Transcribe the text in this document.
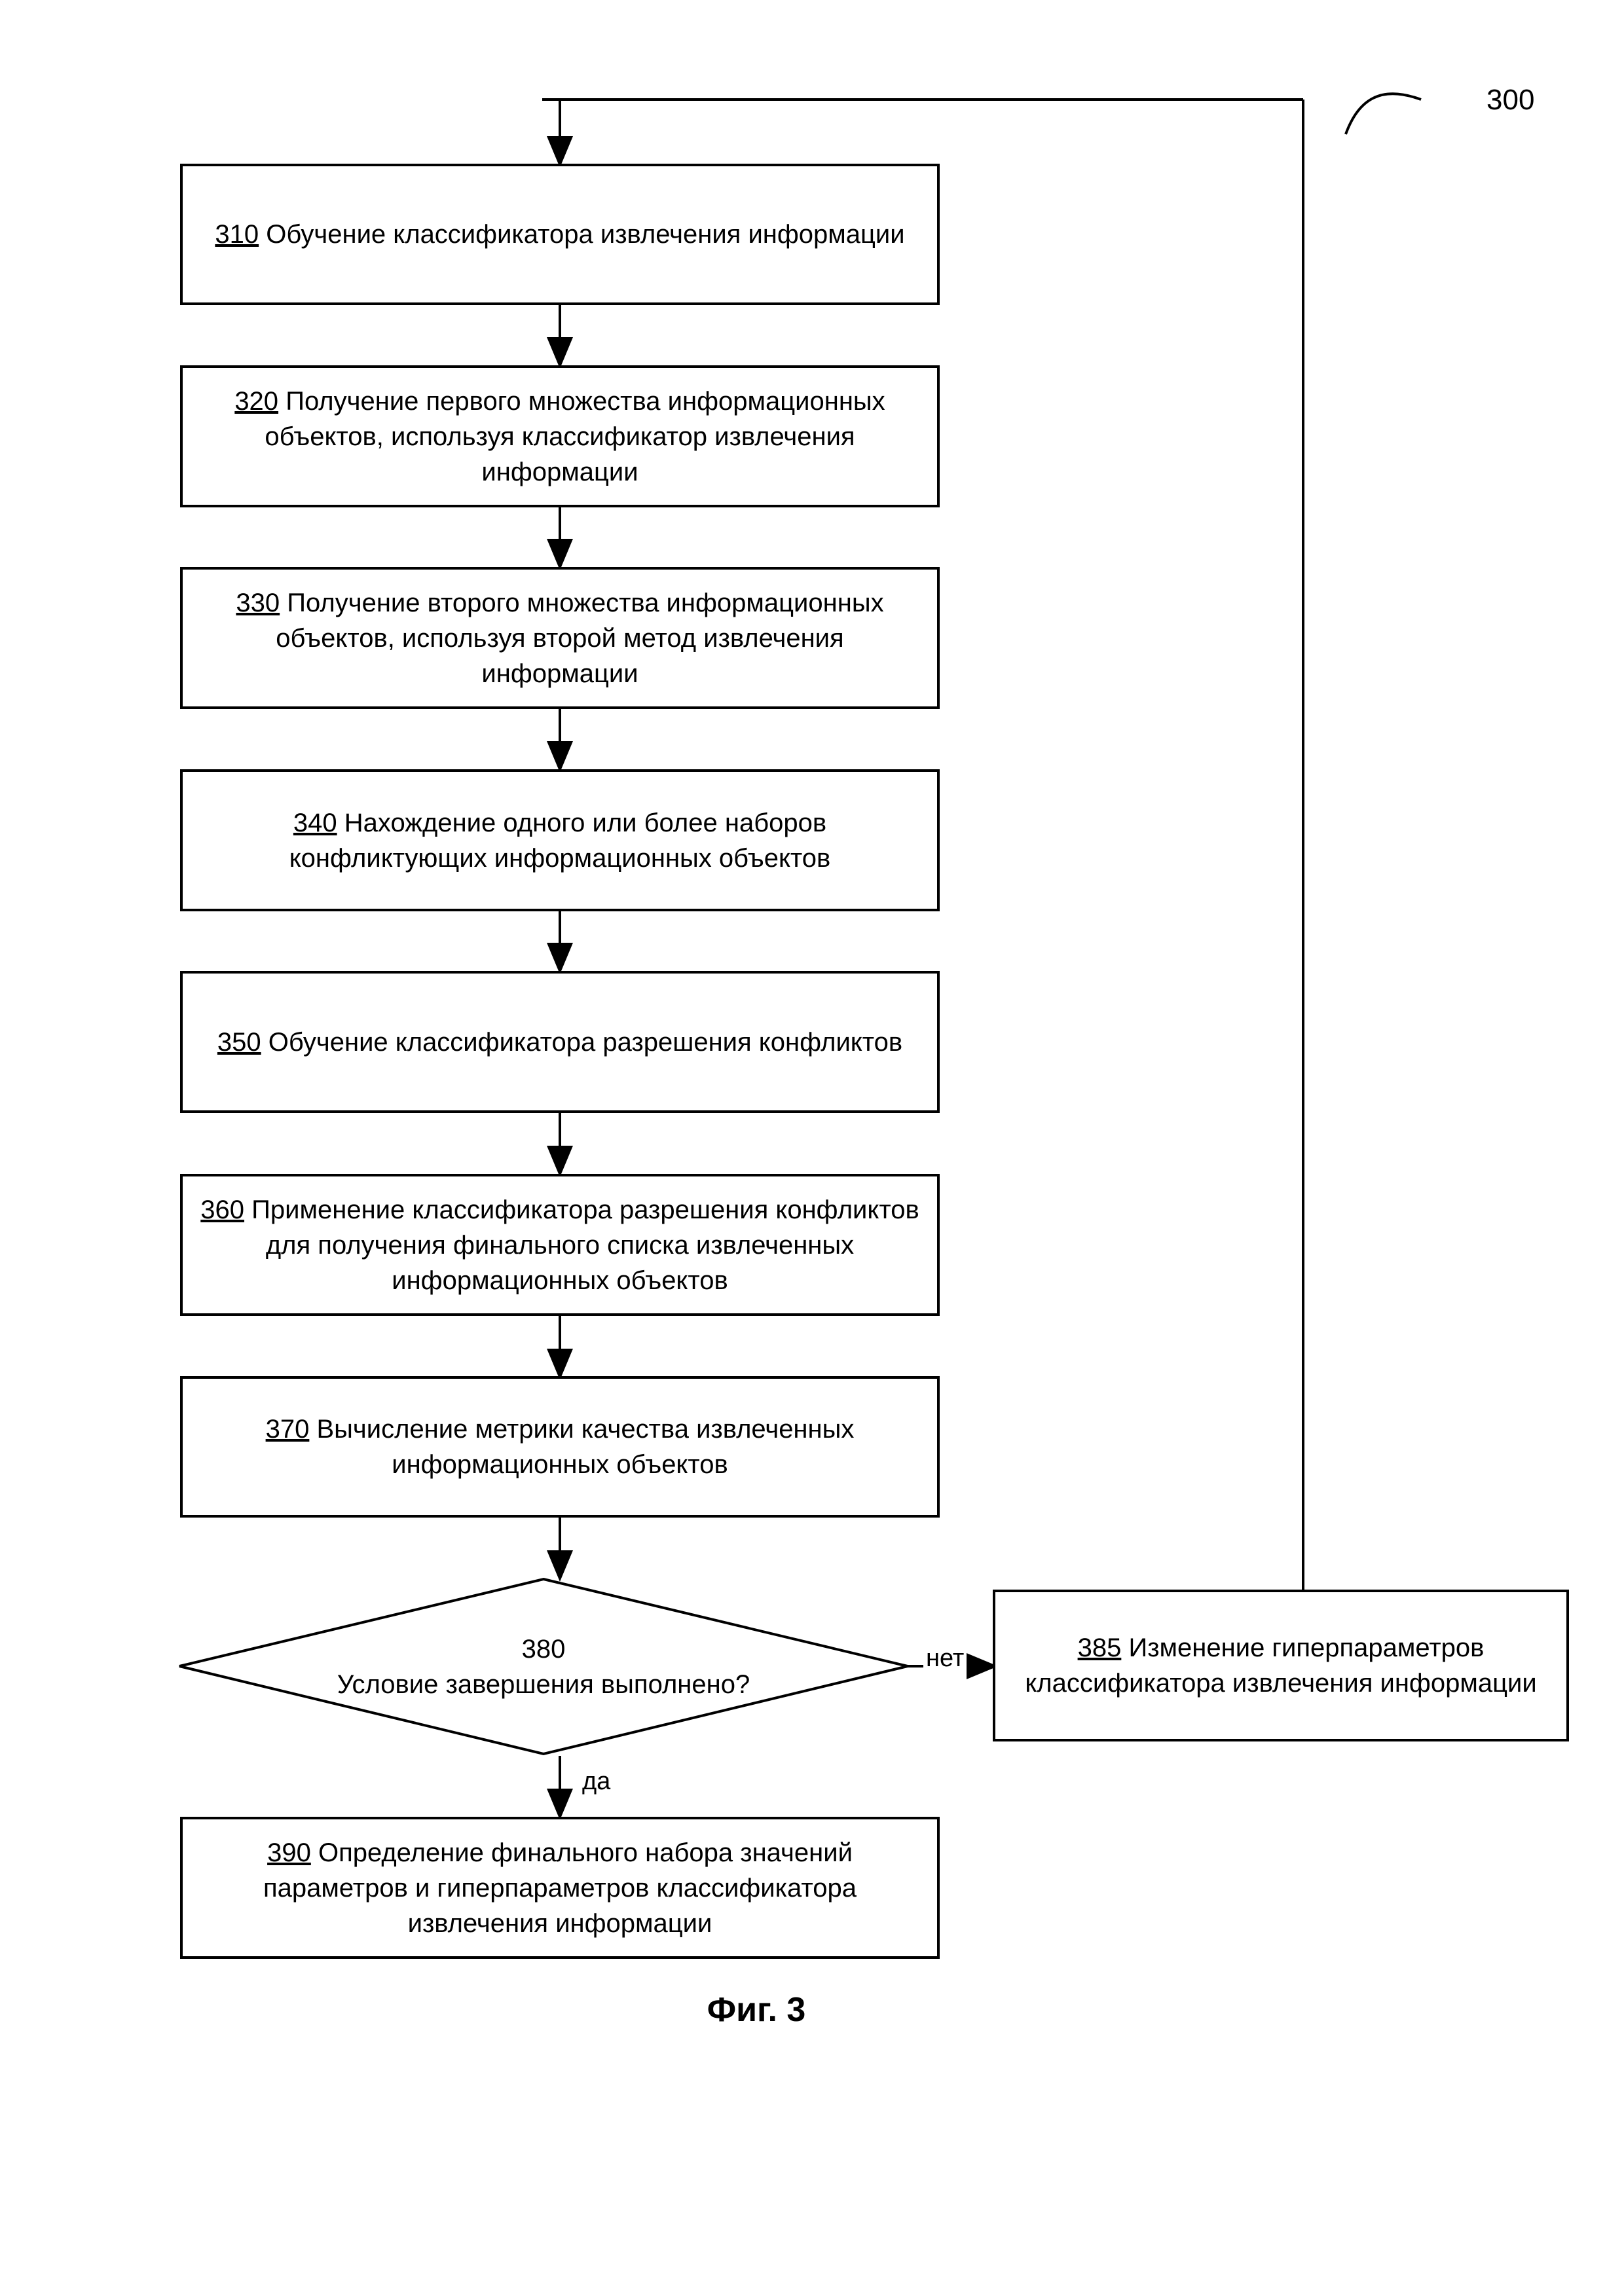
310 Обучение классификатора извлечения информации
320 Получение первого множества информационных объектов, используя классификатор извлечения информации
330 Получение второго множества информационных объектов, используя второй метод извлечения информации
340 Нахождение одного или более наборов конфликтующих информационных объектов
350 Обучение классификатора разрешения конфликтов
360 Применение классификатора разрешения конфликтов для получения финального списка извлеченных информационных объектов
370 Вычисление метрики качества извлеченных информационных объектов
380
Условие завершения выполнено?
385 Изменение гиперпараметров классификатора извлечения информации
390 Определение финального набора значений параметров и гиперпараметров классификатора извлечения информации
нет
да
300
Фиг. 3
